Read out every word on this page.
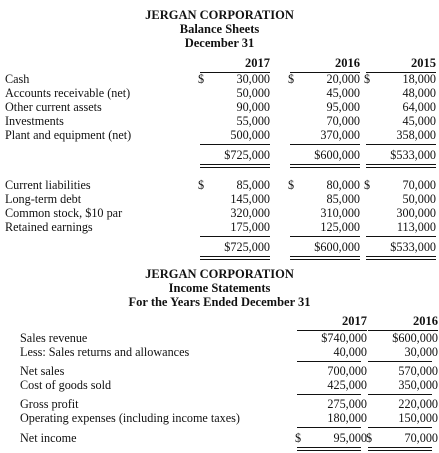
JERGAN CORPORATION
Balance Sheets
December 31
2017	2016	2015
Cash	$	30,000 $	20,000 $	18,000
Accounts receivable (net)	50,000	45,000	48,000
Other current assets	90,000	95,000	64,000
Investments	55,000	70,000	45,000
Plant and equipment (net)	500,000	370,000	358,000
$725,000	$600,000	$533,000
Current liabilities	$	85,000 $	80,000 $	70,000
Long-term debt	145,000	85,000	50,000
Common stock, $10 par	320,000	310,000	300,000
Retained earnings	175,000	125,000	113,000
$725,000	$600,000	$533,000
JERGAN CORPORATION
Income Statements
For the Years Ended December 31
2017	2016
Sales revenue	$740,000	$600,000
Less: Sales returns and allowances	40,000	30,000
Net sales	700,000	570,000
Cost of goods sold	425,000	350,000
Gross profit	275,000	220,000
Operating expenses (including income taxes)	180,000	150,000
Net income	$	95,000 $	70,000
